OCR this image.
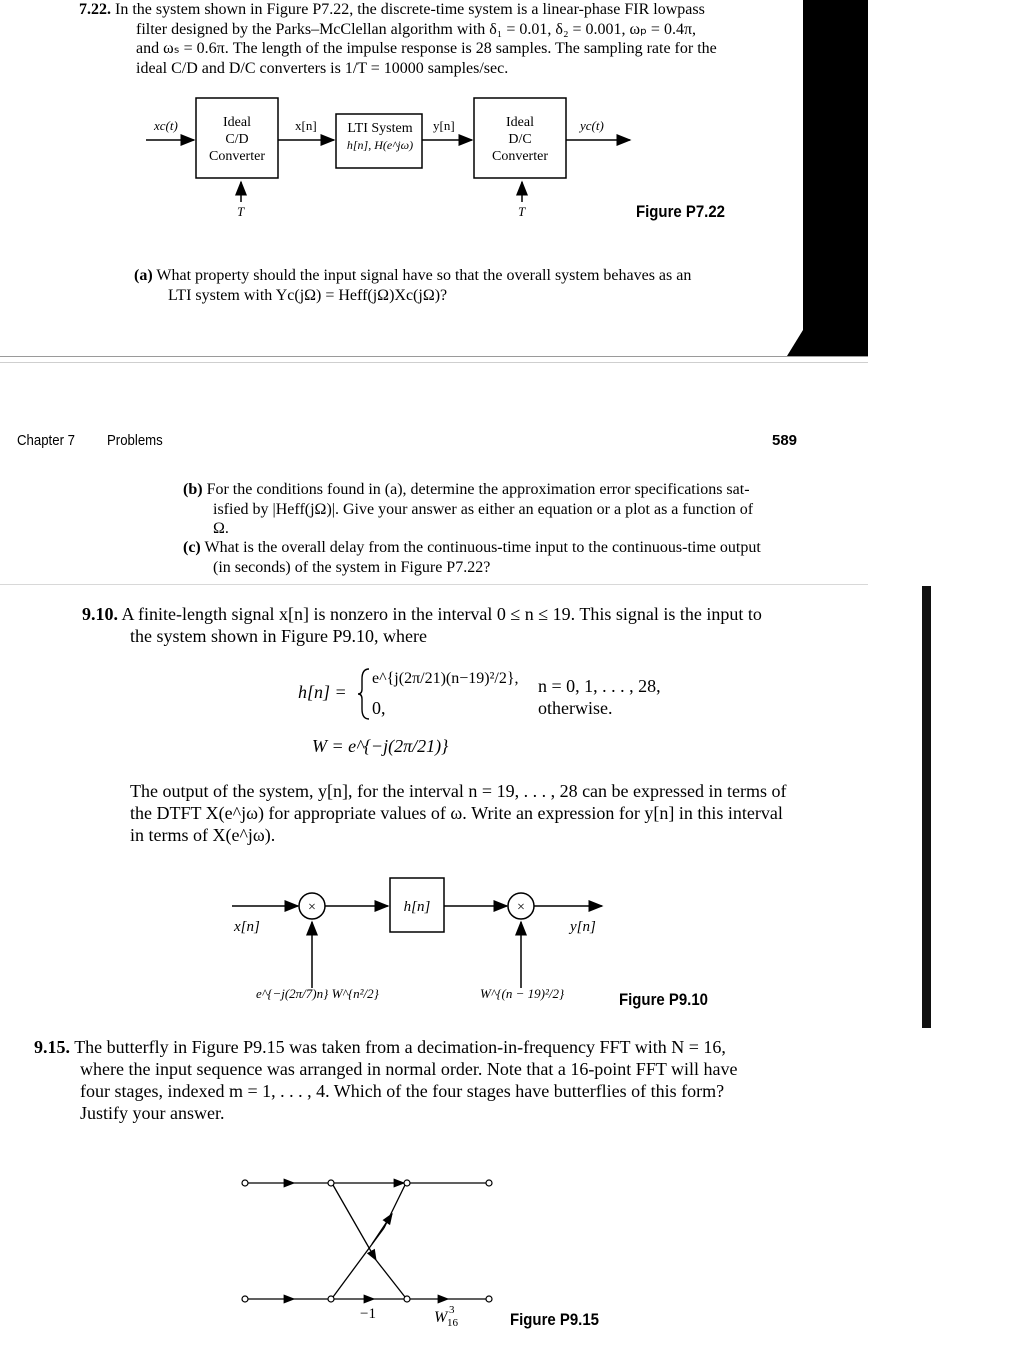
7.22. In the system shown in Figure P7.22, the discrete-time system is a linear-phase FIR lowpass
filter designed by the Parks–McClellan algorithm with δ₁ = 0.01, δ₂ = 0.001, ωₚ = 0.4π,
and ωₛ = 0.6π. The length of the impulse response is 28 samples. The sampling rate for the
ideal C/D and D/C converters is 1/T = 10000 samples/sec.
xc(t)	Ideal
C/D
Converter
x[n] LTI System
h[n], H(e^jω)
y[n]	Ideal
D/C
Converter
yc(t)
T	T	Figure P7.22
(a) What property should the input signal have so that the overall system behaves as an
LTI system with Yc(jΩ) = Heff(jΩ)Xc(jΩ)?
Chapter 7 Problems	589
(b) For the conditions found in (a), determine the approximation error specifications sat-
isfied by |Heff(jΩ)|. Give your answer as either an equation or a plot as a function of
Ω.
(c) What is the overall delay from the continuous-time input to the continuous-time output
(in seconds) of the system in Figure P7.22?
9.10. A finite-length signal x[n] is nonzero in the interval 0 ≤ n ≤ 19. This signal is the input to
the system shown in Figure P9.10, where
h[n] =
e^{j(2π/21)(n−19)²/2}, n = 0, 1, . . . , 28,
0,	otherwise.
W = e^{−j(2π/21)}
The output of the system, y[n], for the interval n = 19, . . . , 28 can be expressed in terms of
the DTFT X(e^jω) for appropriate values of ω. Write an expression for y[n] in this interval
in terms of X(e^jω).
x[n]
×	h[n]	×
y[n]
e^{−j(2π/7)n} W^{n²/2}	W^{(n − 19)²/2}	Figure P9.10
9.15. The butterfly in Figure P9.15 was taken from a decimation-in-frequency FFT with N = 16,
where the input sequence was arranged in normal order. Note that a 16-point FFT will have
four stages, indexed m = 1, . . . , 4. Which of the four stages have butterflies of this form?
Justify your answer.
−1	W 3
16	Figure P9.15
